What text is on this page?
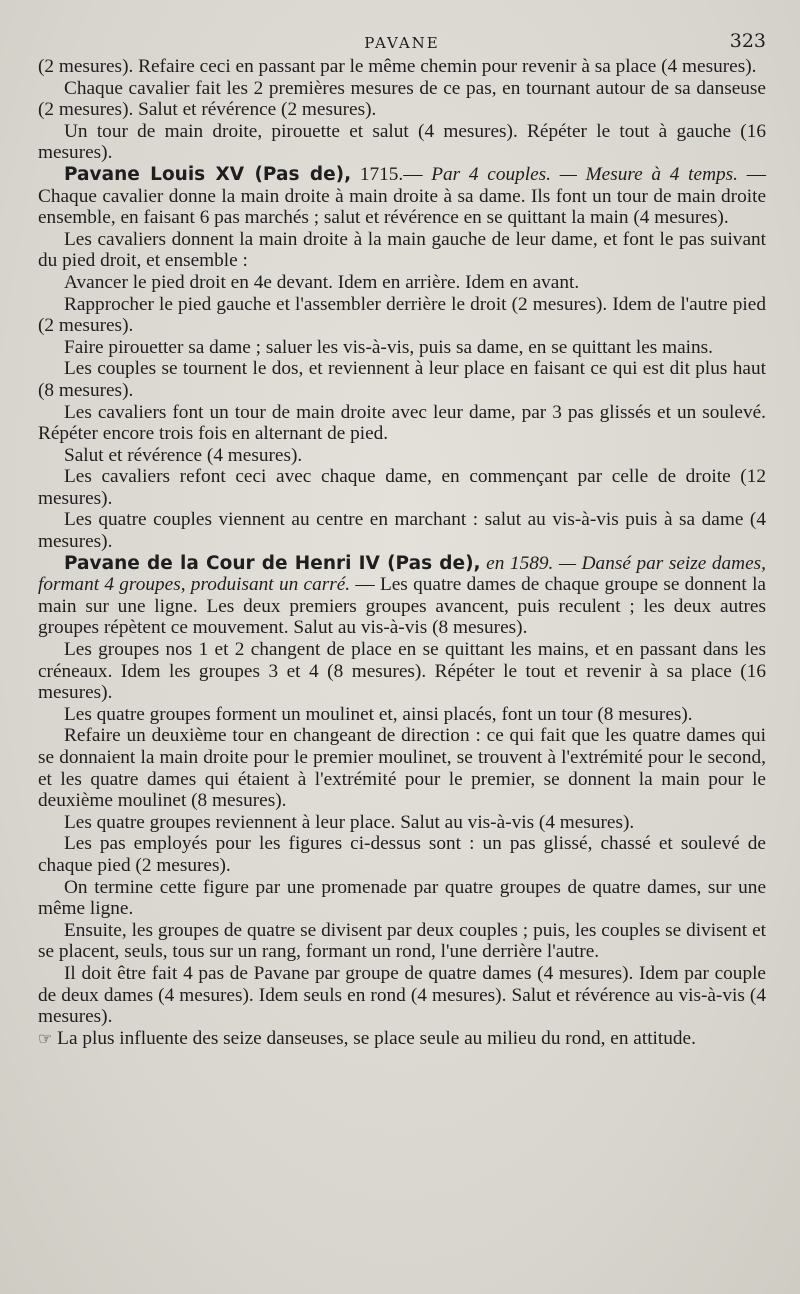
PAVANE	323

(2 mesures). Refaire ceci en passant par le même chemin pour revenir à sa place (4 mesures).

Chaque cavalier fait les 2 premières mesures de ce pas, en tournant autour de sa danseuse (2 mesures). Salut et révérence (2 mesures).

Un tour de main droite, pirouette et salut (4 mesures). Répéter le tout à gauche (16 mesures).

Pavane Louis XV (Pas de), 1715.— Par 4 couples. — Mesure à 4 temps. — Chaque cavalier donne la main droite à main droite à sa dame. Ils font un tour de main droite ensemble, en faisant 6 pas marchés ; salut et révérence en se quittant la main (4 mesures).

Les cavaliers donnent la main droite à la main gauche de leur dame, et font le pas suivant du pied droit, et ensemble :

Avancer le pied droit en 4e devant. Idem en arrière. Idem en avant.

Rapprocher le pied gauche et l'assembler derrière le droit (2 mesures). Idem de l'autre pied (2 mesures).

Faire pirouetter sa dame ; saluer les vis-à-vis, puis sa dame, en se quittant les mains.

Les couples se tournent le dos, et reviennent à leur place en faisant ce qui est dit plus haut (8 mesures).

Les cavaliers font un tour de main droite avec leur dame, par 3 pas glissés et un soulevé. Répéter encore trois fois en alternant de pied.

Salut et révérence (4 mesures).

Les cavaliers refont ceci avec chaque dame, en commençant par celle de droite (12 mesures).

Les quatre couples viennent au centre en marchant : salut au vis-à-vis puis à sa dame (4 mesures).

Pavane de la Cour de Henri IV (Pas de), en 1589. — Dansé par seize dames, formant 4 groupes, produisant un carré. — Les quatre dames de chaque groupe se donnent la main sur une ligne. Les deux premiers groupes avancent, puis reculent ; les deux autres groupes répètent ce mouvement. Salut au vis-à-vis (8 mesures).

Les groupes nos 1 et 2 changent de place en se quittant les mains, et en passant dans les créneaux. Idem les groupes 3 et 4 (8 mesures). Répéter le tout et revenir à sa place (16 mesures).

Les quatre groupes forment un moulinet et, ainsi placés, font un tour (8 mesures).

Refaire un deuxième tour en changeant de direction : ce qui fait que les quatre dames qui se donnaient la main droite pour le premier moulinet, se trouvent à l'extrémité pour le second, et les quatre dames qui étaient à l'extrémité pour le premier, se donnent la main pour le deuxième moulinet (8 mesures).

Les quatre groupes reviennent à leur place. Salut au vis-à-vis (4 mesures).

Les pas employés pour les figures ci-dessus sont : un pas glissé, chassé et soulevé de chaque pied (2 mesures).

On termine cette figure par une promenade par quatre groupes de quatre dames, sur une même ligne.

Ensuite, les groupes de quatre se divisent par deux couples ; puis, les couples se divisent et se placent, seuls, tous sur un rang, formant un rond, l'une derrière l'autre.

Il doit être fait 4 pas de Pavane par groupe de quatre dames (4 mesures). Idem par couple de deux dames (4 mesures). Idem seuls en rond (4 mesures). Salut et révérence au vis-à-vis (4 mesures).

☞ La plus influente des seize danseuses, se place seule au milieu du rond, en attitude.
